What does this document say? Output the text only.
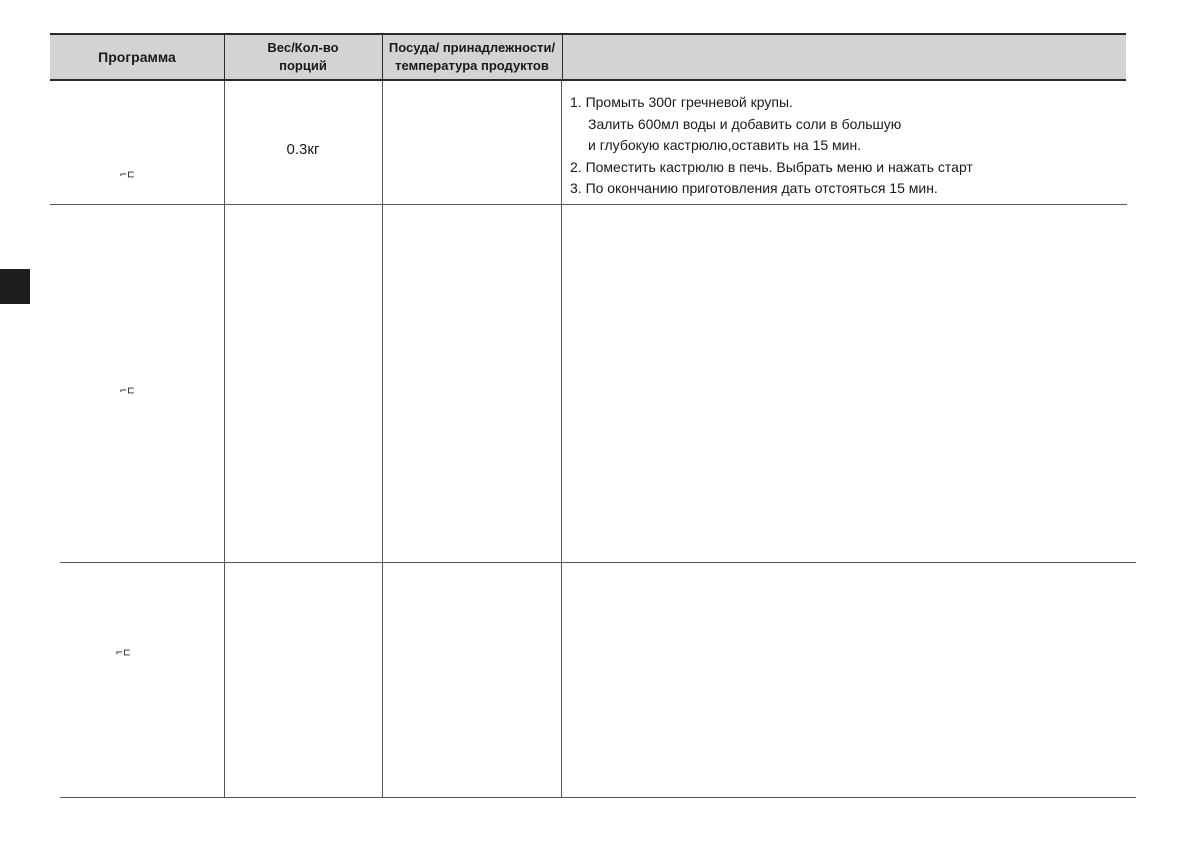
Программа
Вес/Кол-во
порций
Посуда/ принадлежности/
температура продуктов
⌐⊏
0.3кг
1. Промыть 300г гречневой крупы.
Залить 600мл воды и добавить соли в большую
и глубокую кастрюлю,оставить на 15 мин.
2. Поместить кастрюлю в печь. Выбрать меню и нажать старт
3. По окончанию приготовления дать отстояться 15 мин.
⌐⊏
⌐⊏
